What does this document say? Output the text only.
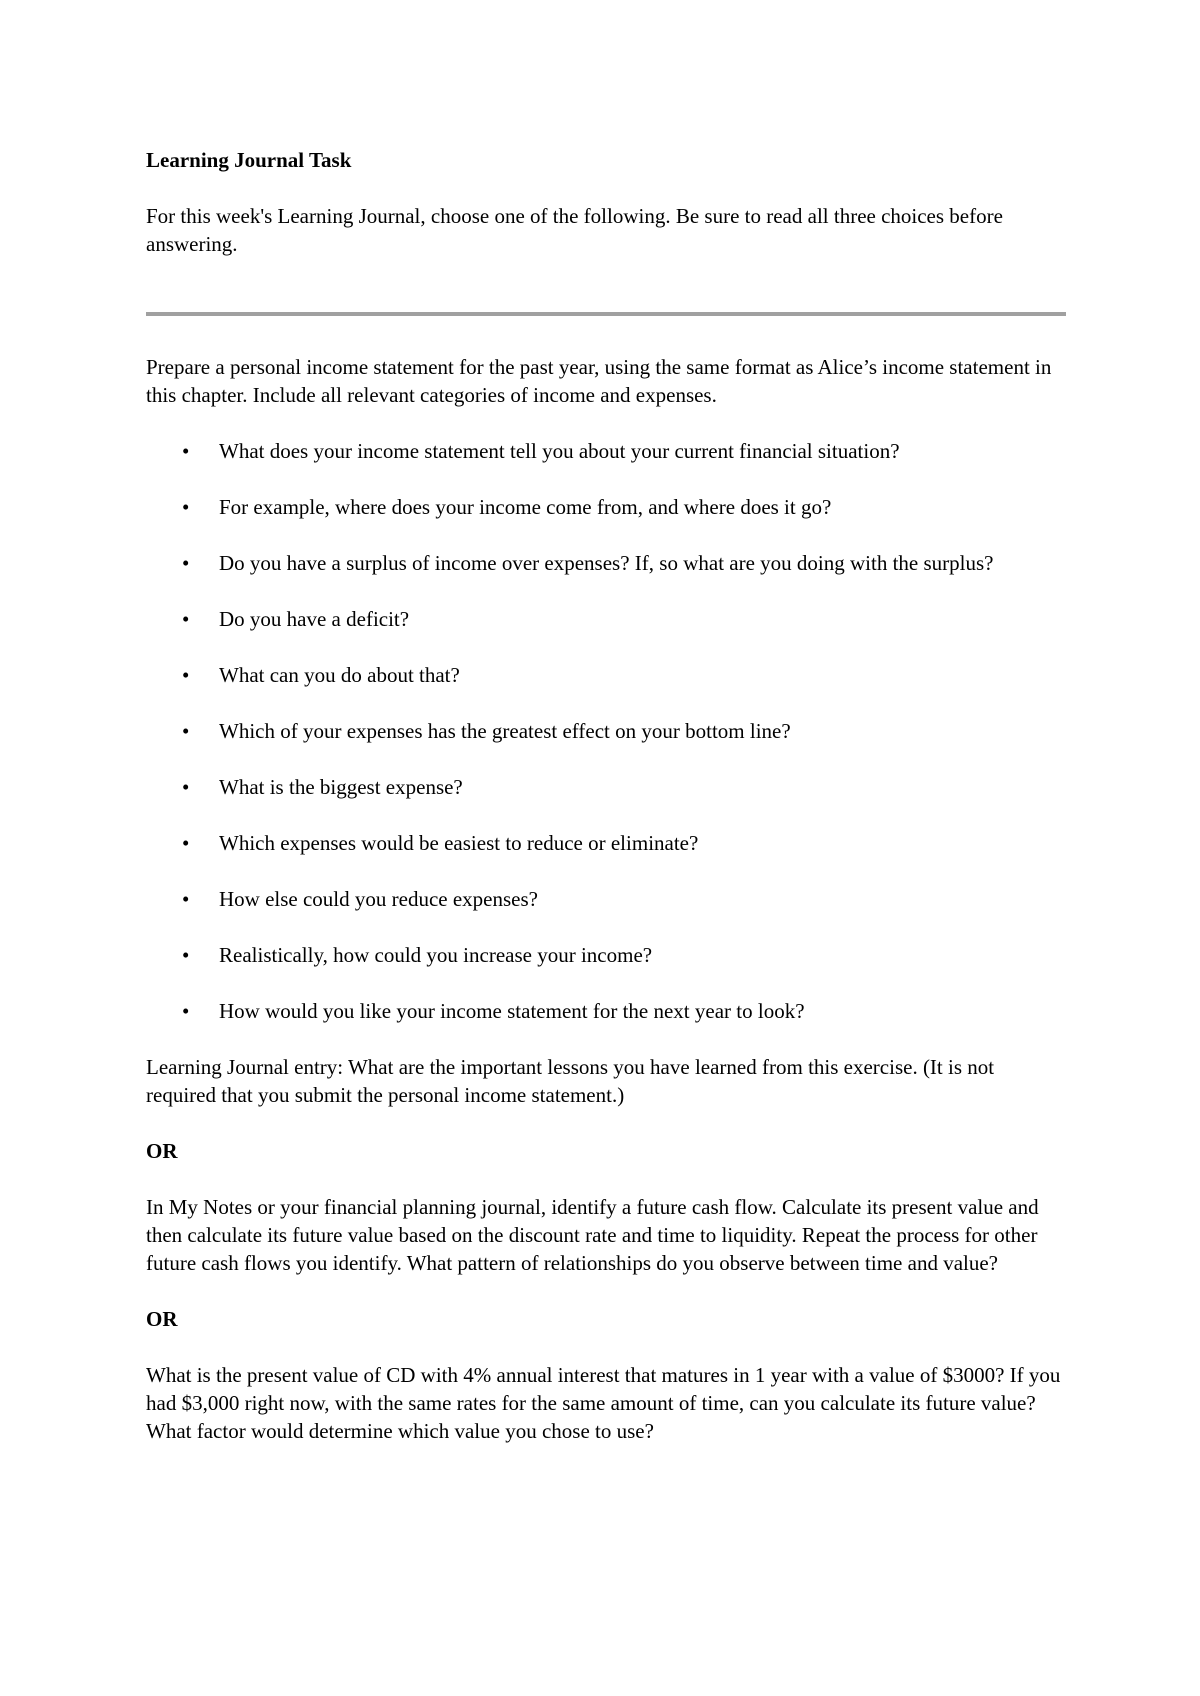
Learning Journal Task

For this week's Learning Journal, choose one of the following. Be sure to read all three choices before answering.

Prepare a personal income statement for the past year, using the same format as Alice’s income statement in this chapter. Include all relevant categories of income and expenses.

• What does your income statement tell you about your current financial situation?
• For example, where does your income come from, and where does it go?
• Do you have a surplus of income over expenses? If, so what are you doing with the surplus?
• Do you have a deficit?
• What can you do about that?
• Which of your expenses has the greatest effect on your bottom line?
• What is the biggest expense?
• Which expenses would be easiest to reduce or eliminate?
• How else could you reduce expenses?
• Realistically, how could you increase your income?
• How would you like your income statement for the next year to look?

Learning Journal entry: What are the important lessons you have learned from this exercise. (It is not required that you submit the personal income statement.)

OR

In My Notes or your financial planning journal, identify a future cash flow. Calculate its present value and then calculate its future value based on the discount rate and time to liquidity. Repeat the process for other future cash flows you identify. What pattern of relationships do you observe between time and value?

OR

What is the present value of CD with 4% annual interest that matures in 1 year with a value of $3000? If you had $3,000 right now, with the same rates for the same amount of time, can you calculate its future value? What factor would determine which value you chose to use?
